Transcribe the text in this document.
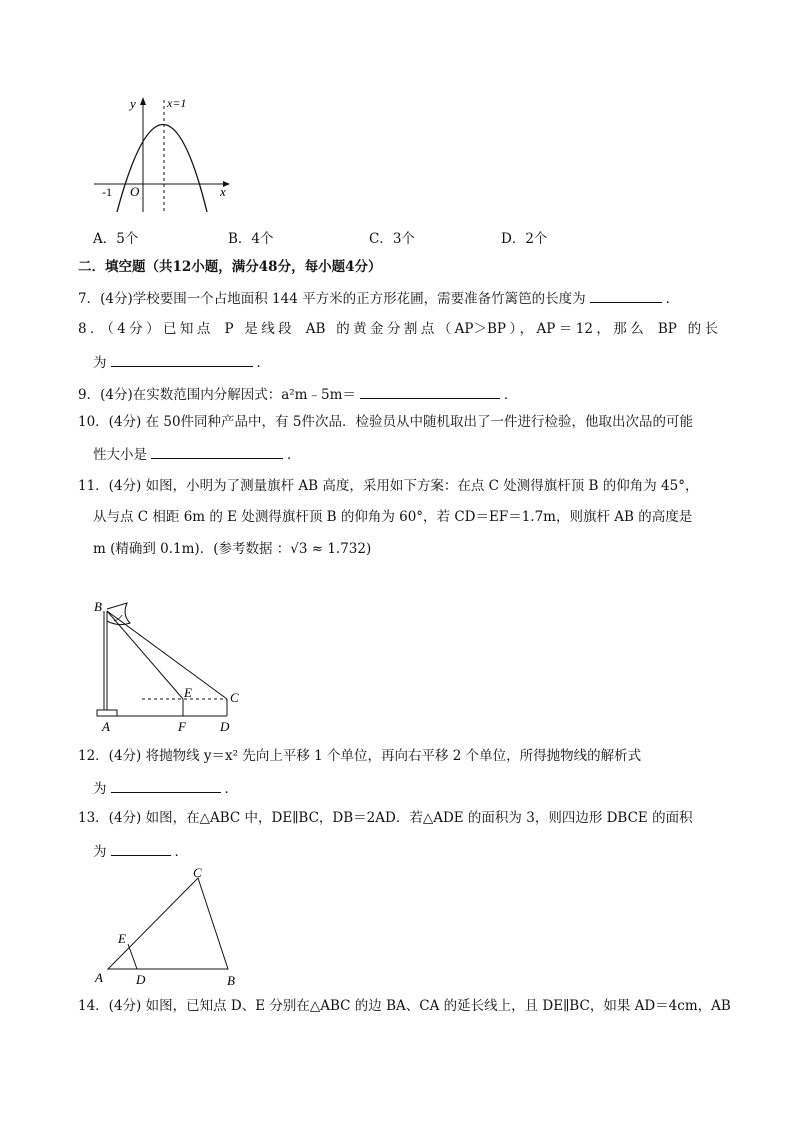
y
x
x=1
O
-1
A．5个	B．4个	C．3个	D．2个
二．填空题（共12小题，满分48分，每小题4分）
7．(4分)学校要围一个占地面积 144 平方米的正方形花圃，需要准备竹篱笆的长度为	．
8．（4分）已知点 P 是线段 AB 的黄金分割点（AP＞BP），AP＝12，那么 BP 的长
为	．
9．(4分)在实数范围内分解因式：a²m﹣5m＝	．
10．(4分) 在 50件同种产品中，有 5件次品．检验员从中随机取出了一件进行检验，他取出次品的可能
性大小是	．
11．(4分) 如图，小明为了测量旗杆 AB 高度，采用如下方案：在点 C 处测得旗杆顶 B 的仰角为 45°，
从与点 C 相距 6m 的 E 处测得旗杆顶 B 的仰角为 60°，若 CD＝EF＝1.7m，则旗杆 AB 的高度是
m (精确到 0.1m)．(参考数据 ：√3 ≈ 1.732)
B
E	C
A	F	D
12．(4分) 将抛物线 y＝x² 先向上平移 1 个单位，再向右平移 2 个单位，所得抛物线的解析式
为	．
13．(4分) 如图，在△ABC 中，DE∥BC，DB＝2AD．若△ADE 的面积为 3，则四边形 DBCE 的面积
为	．
C
E
A	D	B
14．(4分) 如图，已知点 D、E 分别在△ABC 的边 BA、CA 的延长线上，且 DE∥BC，如果 AD＝4cm，AB
